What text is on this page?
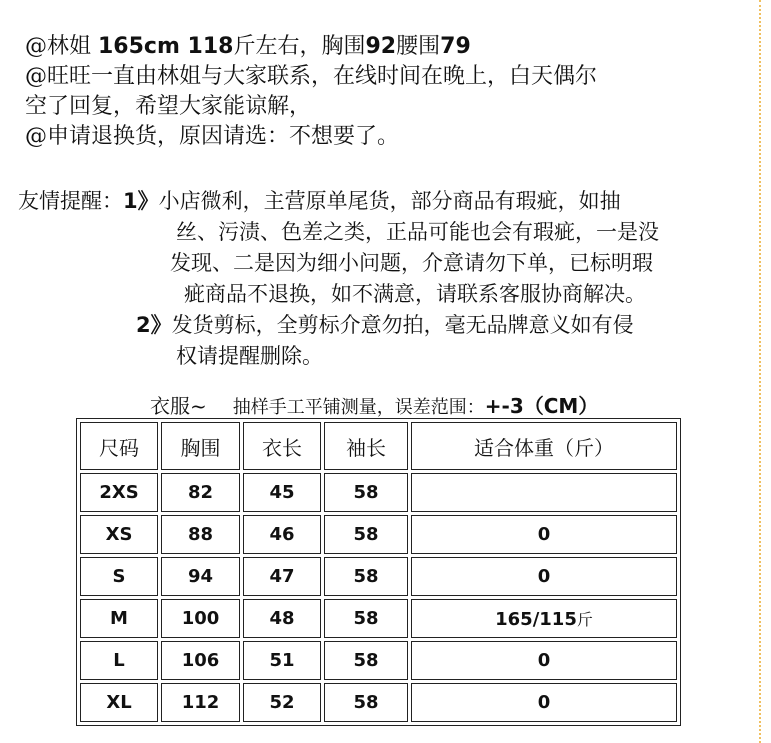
@林姐 165cm 118斤左右，胸围92腰围79
@旺旺一直由林姐与大家联系，在线时间在晚上，白天偶尔
空了回复，希望大家能谅解，
@申请退换货，原因请选：不想要了。
友情提醒：1》小店微利，主营原单尾货，部分商品有瑕疵，如抽
丝、污渍、色差之类，正品可能也会有瑕疵，一是没
发现、二是因为细小问题，介意请勿下单，已标明瑕
疵商品不退换，如不满意，请联系客服协商解决。
2》发货剪标，全剪标介意勿拍，毫无品牌意义如有侵
权请提醒删除。
衣服~ 抽样手工平铺测量，误差范围：+-3（CM）
尺码	胸围	衣长	袖长	适合体重（斤）
2XS	82	45	58	
XS	88	46	58	0
S	94	47	58	0
M	100	48	58	165/115斤
L	106	51	58	0
XL	112	52	58	0
